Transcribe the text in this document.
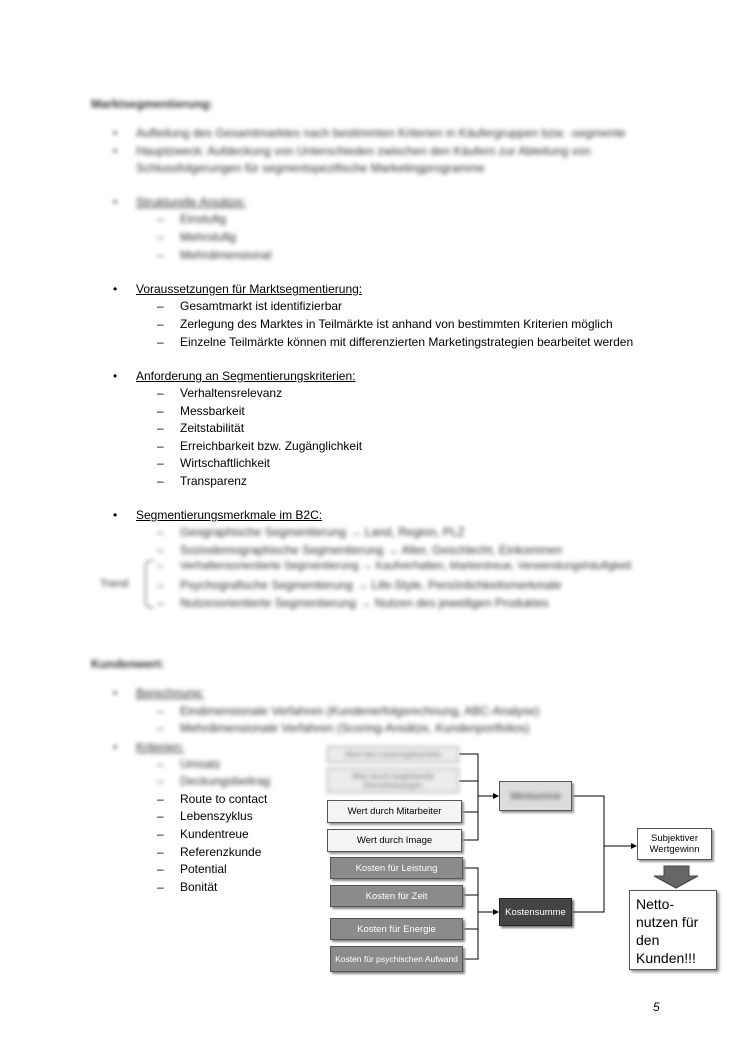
Marktsegmentierung:
• Aufteilung des Gesamtmarktes nach bestimmten Kriterien in Käufergruppen bzw. -segmente
• Hauptzweck: Aufdeckung von Unterschieden zwischen den Käufern zur Ableitung von
Schlussfolgerungen für segmentspezifische Marketingprogramme
• Strukturelle Ansätze:
– Einstufig
– Mehrstufig
– Mehrdimensional
• Voraussetzungen für Marktsegmentierung:
– Gesamtmarkt ist identifizierbar
– Zerlegung des Marktes in Teilmärkte ist anhand von bestimmten Kriterien möglich
– Einzelne Teilmärkte können mit differenzierten Marketingstrategien bearbeitet werden
• Anforderung an Segmentierungskriterien:
– Verhaltensrelevanz
– Messbarkeit
– Zeitstabilität
– Erreichbarkeit bzw. Zugänglichkeit
– Wirtschaftlichkeit
– Transparenz
• Segmentierungsmerkmale im B2C:
– Geographische Segmentierung → Land, Region, PLZ
– Soziodemographische Segmentierung → Alter, Geschlecht, Einkommen
– Verhaltensorientierte Segmentierung → Kaufverhalten, Markentreue, Verwendungshäufigkeit
– Psychografische Segmentierung → Life-Style, Persönlichkeitsmerkmale
– Nutzenorientierte Segmentierung → Nutzen des jeweiligen Produktes
Trend
Kundenwert:
• Berechnung:
– Eindimensionale Verfahren (Kundenerfolgsrechnung, ABC-Analyse)
– Mehrdimensionale Verfahren (Scoring-Ansätze, Kundenportfolios)
• Kriterien:
– Umsatz
– Deckungsbeitrag
– Route to contact
– Lebenszyklus
– Kundentreue
– Referenzkunde
– Potential
– Bonität
Wert des Leistungsbündels
Wert durch begleitende Dienstleistungen
Wert durch Mitarbeiter
Wert durch Image
Kosten für Leistung
Kosten für Zeit
Kosten für Energie
Kosten für psychischen Aufwand
Wertsumme
Kostensumme
Subjektiver Wertgewinn
Netto-
nutzen für
den
Kunden!!!
5
